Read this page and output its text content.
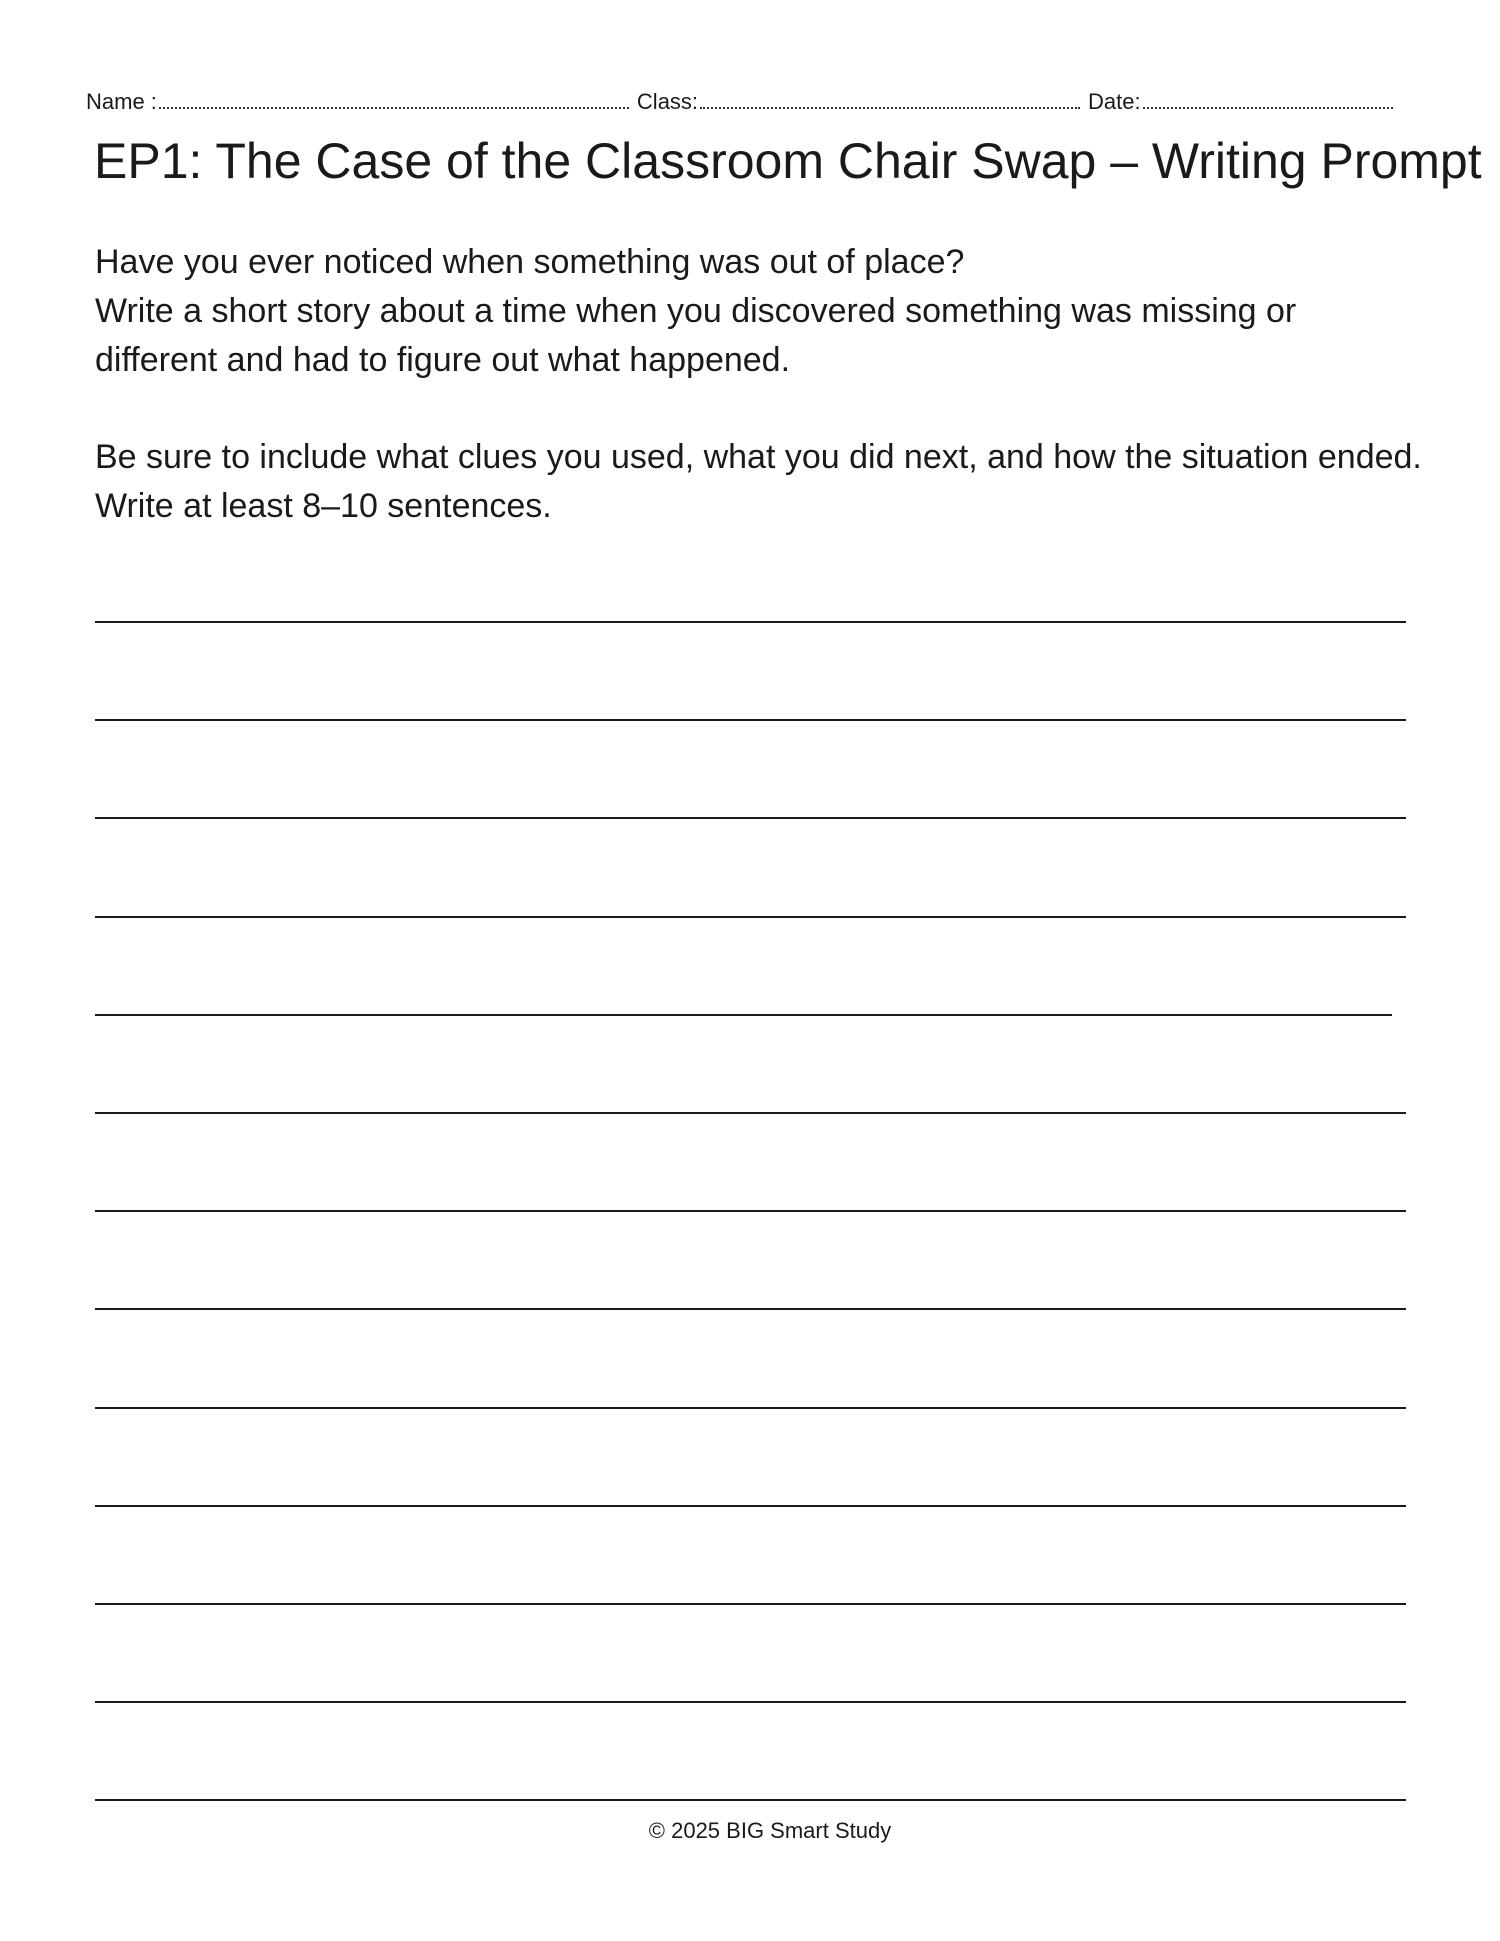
Name :	Class:	Date:
EP1: The Case of the Classroom Chair Swap – Writing Prompt

Have you ever noticed when something was out of place?
Write a short story about a time when you discovered something was missing or different and had to figure out what happened.

Be sure to include what clues you used, what you did next, and how the situation ended.   Write at least 8–10 sentences.

© 2025 BIG Smart Study
